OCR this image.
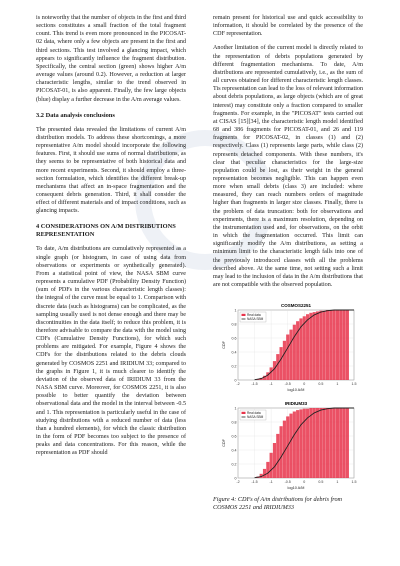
is noteworthy that the number of objects in the first and third sections constitutes a small fraction of the total fragment count. This trend is even more pronounced in the PICOSAT-02 data, where only a few objects are present in the first and third sections. This test involved a glancing impact, which appears to significantly influence the fragment distribution. Specifically, the central section (green) shows higher A/m average values (around 0.2). However, a reduction at larger characteristic lengths, similar to the trend observed in PICOSAT-01, is also apparent. Finally, the few large objects (blue) display a further decrease in the A/m average values.

3.2 Data analysis conclusions

The presented data revealed the limitations of current A/m distribution models. To address these shortcomings, a more representative A/m model should incorporate the following features. First, it should use sums of normal distributions, as they seems to be representative of both historical data and more recent experiments. Second, it should employ a three-section formulation, which identifies the different break-up mechanisms that affect an in-space fragmentation and the consequent debris generation. Third, it shall consider the effect of different materials and of impact conditions, such as glancing impacts.

4 CONSIDERATIONS ON A/M DISTRIBUTIONS REPRESENTATION

To date, A/m distributions are cumulatively represented as a single graph (or histogram, in case of using data from observations or experiments or synthetically generated). From a statistical point of view, the NASA SBM curve represents a cumulative PDF (Probability Density Function) (sum of PDFs in the various characteristic length classes): the integral of the curve must be equal to 1. Comparison with discrete data (such as histograms) can be complicated, as the sampling usually used is not dense enough and there may be discontinuities in the data itself; to reduce this problem, it is therefore advisable to compare the data with the model using CDFs (Cumulative Density Functions), for which such problems are mitigated. For example, Figure 4 shows the CDFs for the distributions related to the debris clouds generated by COSMOS 2251 and IRIDIUM 33; compared to the graphs in Figure 1, it is much clearer to identify the deviation of the observed data of IRIDIUM 33 from the NASA SBM curve. Moreover, for COSMOS 2251, it is also possible to better quantify the deviation between observational data and the model in the interval between -0.5 and 1. This representation is particularly useful in the case of studying distributions with a reduced number of data (less than a hundred elements), for which the classic distribution in the form of PDF becomes too subject to the presence of peaks and data concentrations. For this reason, while the representation as PDF should

remain present for historical use and quick accessibility to information, it should be correlated by the presence of the CDF representation.

Another limitation of the current model is directly related to the representation of debris populations generated by different fragmentation mechanisms. To date, A/m distributions are represented cumulatively, i.e., as the sum of all curves obtained for different characteristic length classes. Tis representation can lead to the loss of relevant information about debris populations, as large objects (which are of great interest) may constitute only a fraction compared to smaller fragments. For example, in the "PICOSAT" tests carried out at CISAS [15][34], the characteristic length model identified 68 and 386 fragments for PICOSAT-01, and 26 and 119 fragments for PICOSAT-02, in classes (1) and (2) respectively. Class (1) represents large parts, while class (2) represents detached components. With these numbers, it's clear that peculiar characteristics for the large-size population could be lost, as their weight in the general representation becomes negligible. This can happen even more when small debris (class 3) are included: where measured, they can reach numbers orders of magnitude higher than fragments in larger size classes. Finally, there is the problem of data truncation: both for observations and experiments, there is a maximum resolution, depending on the instrumentation used and, for observations, on the orbit in which the fragmentation occurred. This limit can significantly modify the A/m distributions, as setting a minimum limit to the characteristic length falls into one of the previously introduced classes with all the problems described above. At the same time, not setting such a limit may lead to the inclusion of data in the A/m distributions that are not compatible with the observed population.

COSMOS2251
0
0.2
0.4
0.6
0.8
1
-2	-1.5	-1	-0.5	0	0.5	1	1.5
log10 A/M
CDF
Real data
NASA SBM
IRIDIUM33
0
0.2
0.4
0.6
0.8
1
-2	-1.5	-1	-0.5	0	0.5	1	1.5
log10 A/M
CDF
Real data
NASA SBM
Figure 4: CDFs of A/m distributions for debris from COSMOS 2251 and IRIDIUM33
